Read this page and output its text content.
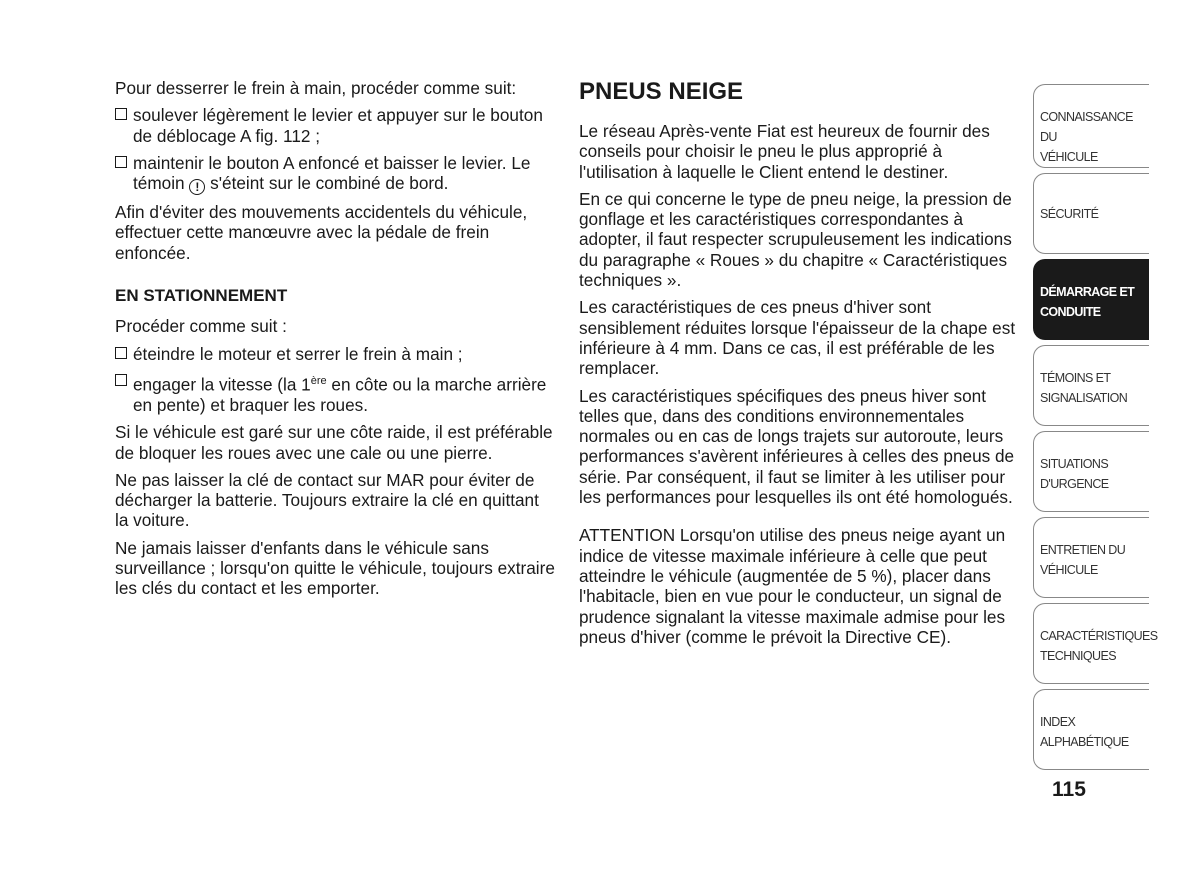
Pour desserrer le frein à main, procéder comme suit:

soulever légèrement le levier et appuyer sur le bouton de déblocage A fig. 112 ;
maintenir le bouton A enfoncé et baisser le levier. Le témoin ! s'éteint sur le combiné de bord.

Afin d'éviter des mouvements accidentels du véhicule, effectuer cette manœuvre avec la pédale de frein enfoncée.

EN STATIONNEMENT

Procéder comme suit :

éteindre le moteur et serrer le frein à main ;
engager la vitesse (la 1ère en côte ou la marche arrière en pente) et braquer les roues.

Si le véhicule est garé sur une côte raide, il est préférable de bloquer les roues avec une cale ou une pierre.

Ne pas laisser la clé de contact sur MAR pour éviter de décharger la batterie. Toujours extraire la clé en quittant la voiture.

Ne jamais laisser d'enfants dans le véhicule sans surveillance ; lorsqu'on quitte le véhicule, toujours extraire les clés du contact et les emporter.

PNEUS NEIGE

Le réseau Après-vente Fiat est heureux de fournir des conseils pour choisir le pneu le plus approprié à l'utilisation à laquelle le Client entend le destiner.

En ce qui concerne le type de pneu neige, la pression de gonflage et les caractéristiques correspondantes à adopter, il faut respecter scrupuleusement les indications du paragraphe « Roues » du chapitre « Caractéristiques techniques ».

Les caractéristiques de ces pneus d'hiver sont sensiblement réduites lorsque l'épaisseur de la chape est inférieure à 4 mm. Dans ce cas, il est préférable de les remplacer.

Les caractéristiques spécifiques des pneus hiver sont telles que, dans des conditions environnementales normales ou en cas de longs trajets sur autoroute, leurs performances s'avèrent inférieures à celles des pneus de série. Par conséquent, il faut se limiter à les utiliser pour les performances pour lesquelles ils ont été homologués.

ATTENTION Lorsqu'on utilise des pneus neige ayant un indice de vitesse maximale inférieure à celle que peut atteindre le véhicule (augmentée de 5 %), placer dans l'habitacle, bien en vue pour le conducteur, un signal de prudence signalant la vitesse maximale admise pour les pneus d'hiver (comme le prévoit la Directive CE).

CONNAISSANCE DU
VÉHICULE
SÉCURITÉ
DÉMARRAGE ET
CONDUITE
TÉMOINS ET
SIGNALISATION
SITUATIONS
D'URGENCE
ENTRETIEN DU
VÉHICULE
CARACTÉRISTIQUES
TECHNIQUES
INDEX
ALPHABÉTIQUE
115
